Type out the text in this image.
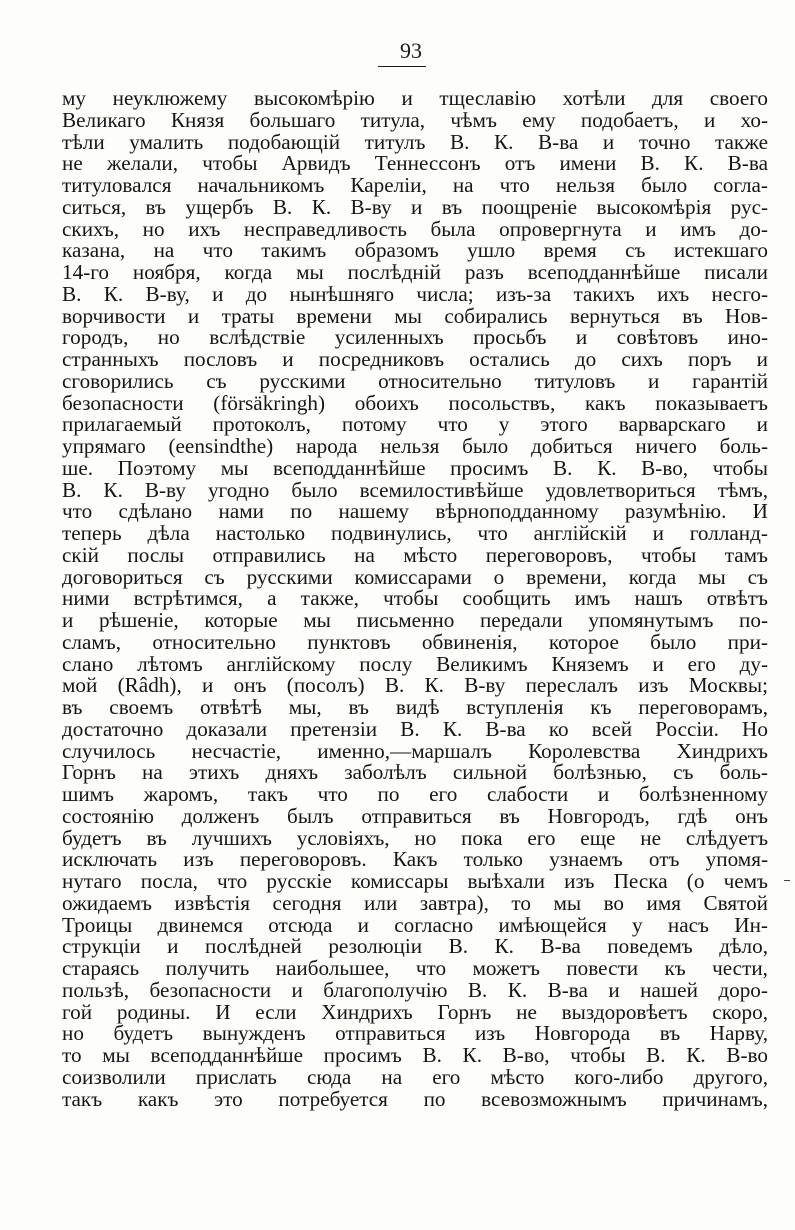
93
му неуклюжему высокомѣрію и тщеславію хотѣли для своего
Великаго Князя большаго титула, чѣмъ ему подобаетъ, и хо-
тѣли умалить подобающій титулъ В. К. В-ва и точно также
не желали, чтобы Арвидъ Теннессонъ отъ имени В. К. В-ва
титуловался начальникомъ Кареліи, на что нельзя было согла-
ситься, въ ущербъ В. К. В-ву и въ поощреніе высокомѣрія рус-
скихъ, но ихъ несправедливость была опровергнута и имъ до-
казана, на что такимъ образомъ ушло время съ истекшаго
14-го ноября, когда мы послѣдній разъ всеподданнѣйше писали
В. К. В-ву, и до нынѣшняго числа; изъ-за такихъ ихъ несго-
ворчивости и траты времени мы собирались вернуться въ Нов-
городъ, но вслѣдствіе усиленныхъ просьбъ и совѣтовъ ино-
странныхъ пословъ и посредниковъ остались до сихъ поръ и
сговорились съ русскими относительно титуловъ и гарантій
безопасности (försäkringh) обоихъ посольствъ, какъ показываетъ
прилагаемый протоколъ, потому что у этого варварскаго и
упрямаго (eensindthe) народа нельзя было добиться ничего боль-
ше. Поэтому мы всеподданнѣйше просимъ В. К. В-во, чтобы
В. К. В-ву угодно было всемилостивѣйше удовлетвориться тѣмъ,
что сдѣлано нами по нашему вѣрноподданному разумѣнію. И
теперь дѣла настолько подвинулись, что англійскій и голланд-
скій послы отправились на мѣсто переговоровъ, чтобы тамъ
договориться съ русскими комиссарами о времени, когда мы съ
ними встрѣтимся, а также, чтобы сообщить имъ нашъ отвѣтъ
и рѣшеніе, которые мы письменно передали упомянутымъ по-
сламъ, относительно пунктовъ обвиненія, которое было при-
слано лѣтомъ англійскому послу Великимъ Княземъ и его ду-
мой (Râdh), и онъ (посолъ) В. К. В-ву переслалъ изъ Москвы;
въ своемъ отвѣтѣ мы, въ видѣ вступленія къ переговорамъ,
достаточно доказали претензіи В. К. В-ва ко всей Россіи. Но
случилось несчастіе, именно,—маршалъ Королевства Хиндрихъ
Горнъ на этихъ дняхъ заболѣлъ сильной болѣзнью, съ боль-
шимъ жаромъ, такъ что по его слабости и болѣзненному
состоянію долженъ былъ отправиться въ Новгородъ, гдѣ онъ
будетъ въ лучшихъ условіяхъ, но пока его еще не слѣдуетъ
исключать изъ переговоровъ. Какъ только узнаемъ отъ упомя-
нутаго посла, что русскіе комиссары выѣхали изъ Песка (о чемъ
ожидаемъ извѣстія сегодня или завтра), то мы во имя Святой
Троицы двинемся отсюда и согласно имѣющейся у насъ Ин-
струкціи и послѣдней резолюціи В. К. В-ва поведемъ дѣло,
стараясь получить наибольшее, что можетъ повести къ чести,
пользѣ, безопасности и благополучію В. К. В-ва и нашей доро-
гой родины. И если Хиндрихъ Горнъ не выздоровѣетъ скоро,
но будетъ вынужденъ отправиться изъ Новгорода въ Нарву,
то мы всеподданнѣйше просимъ В. К. В-во, чтобы В. К. В-во
соизволили прислать сюда на его мѣсто кого-либо другого,
такъ какъ это потребуется по всевозможнымъ причинамъ,
